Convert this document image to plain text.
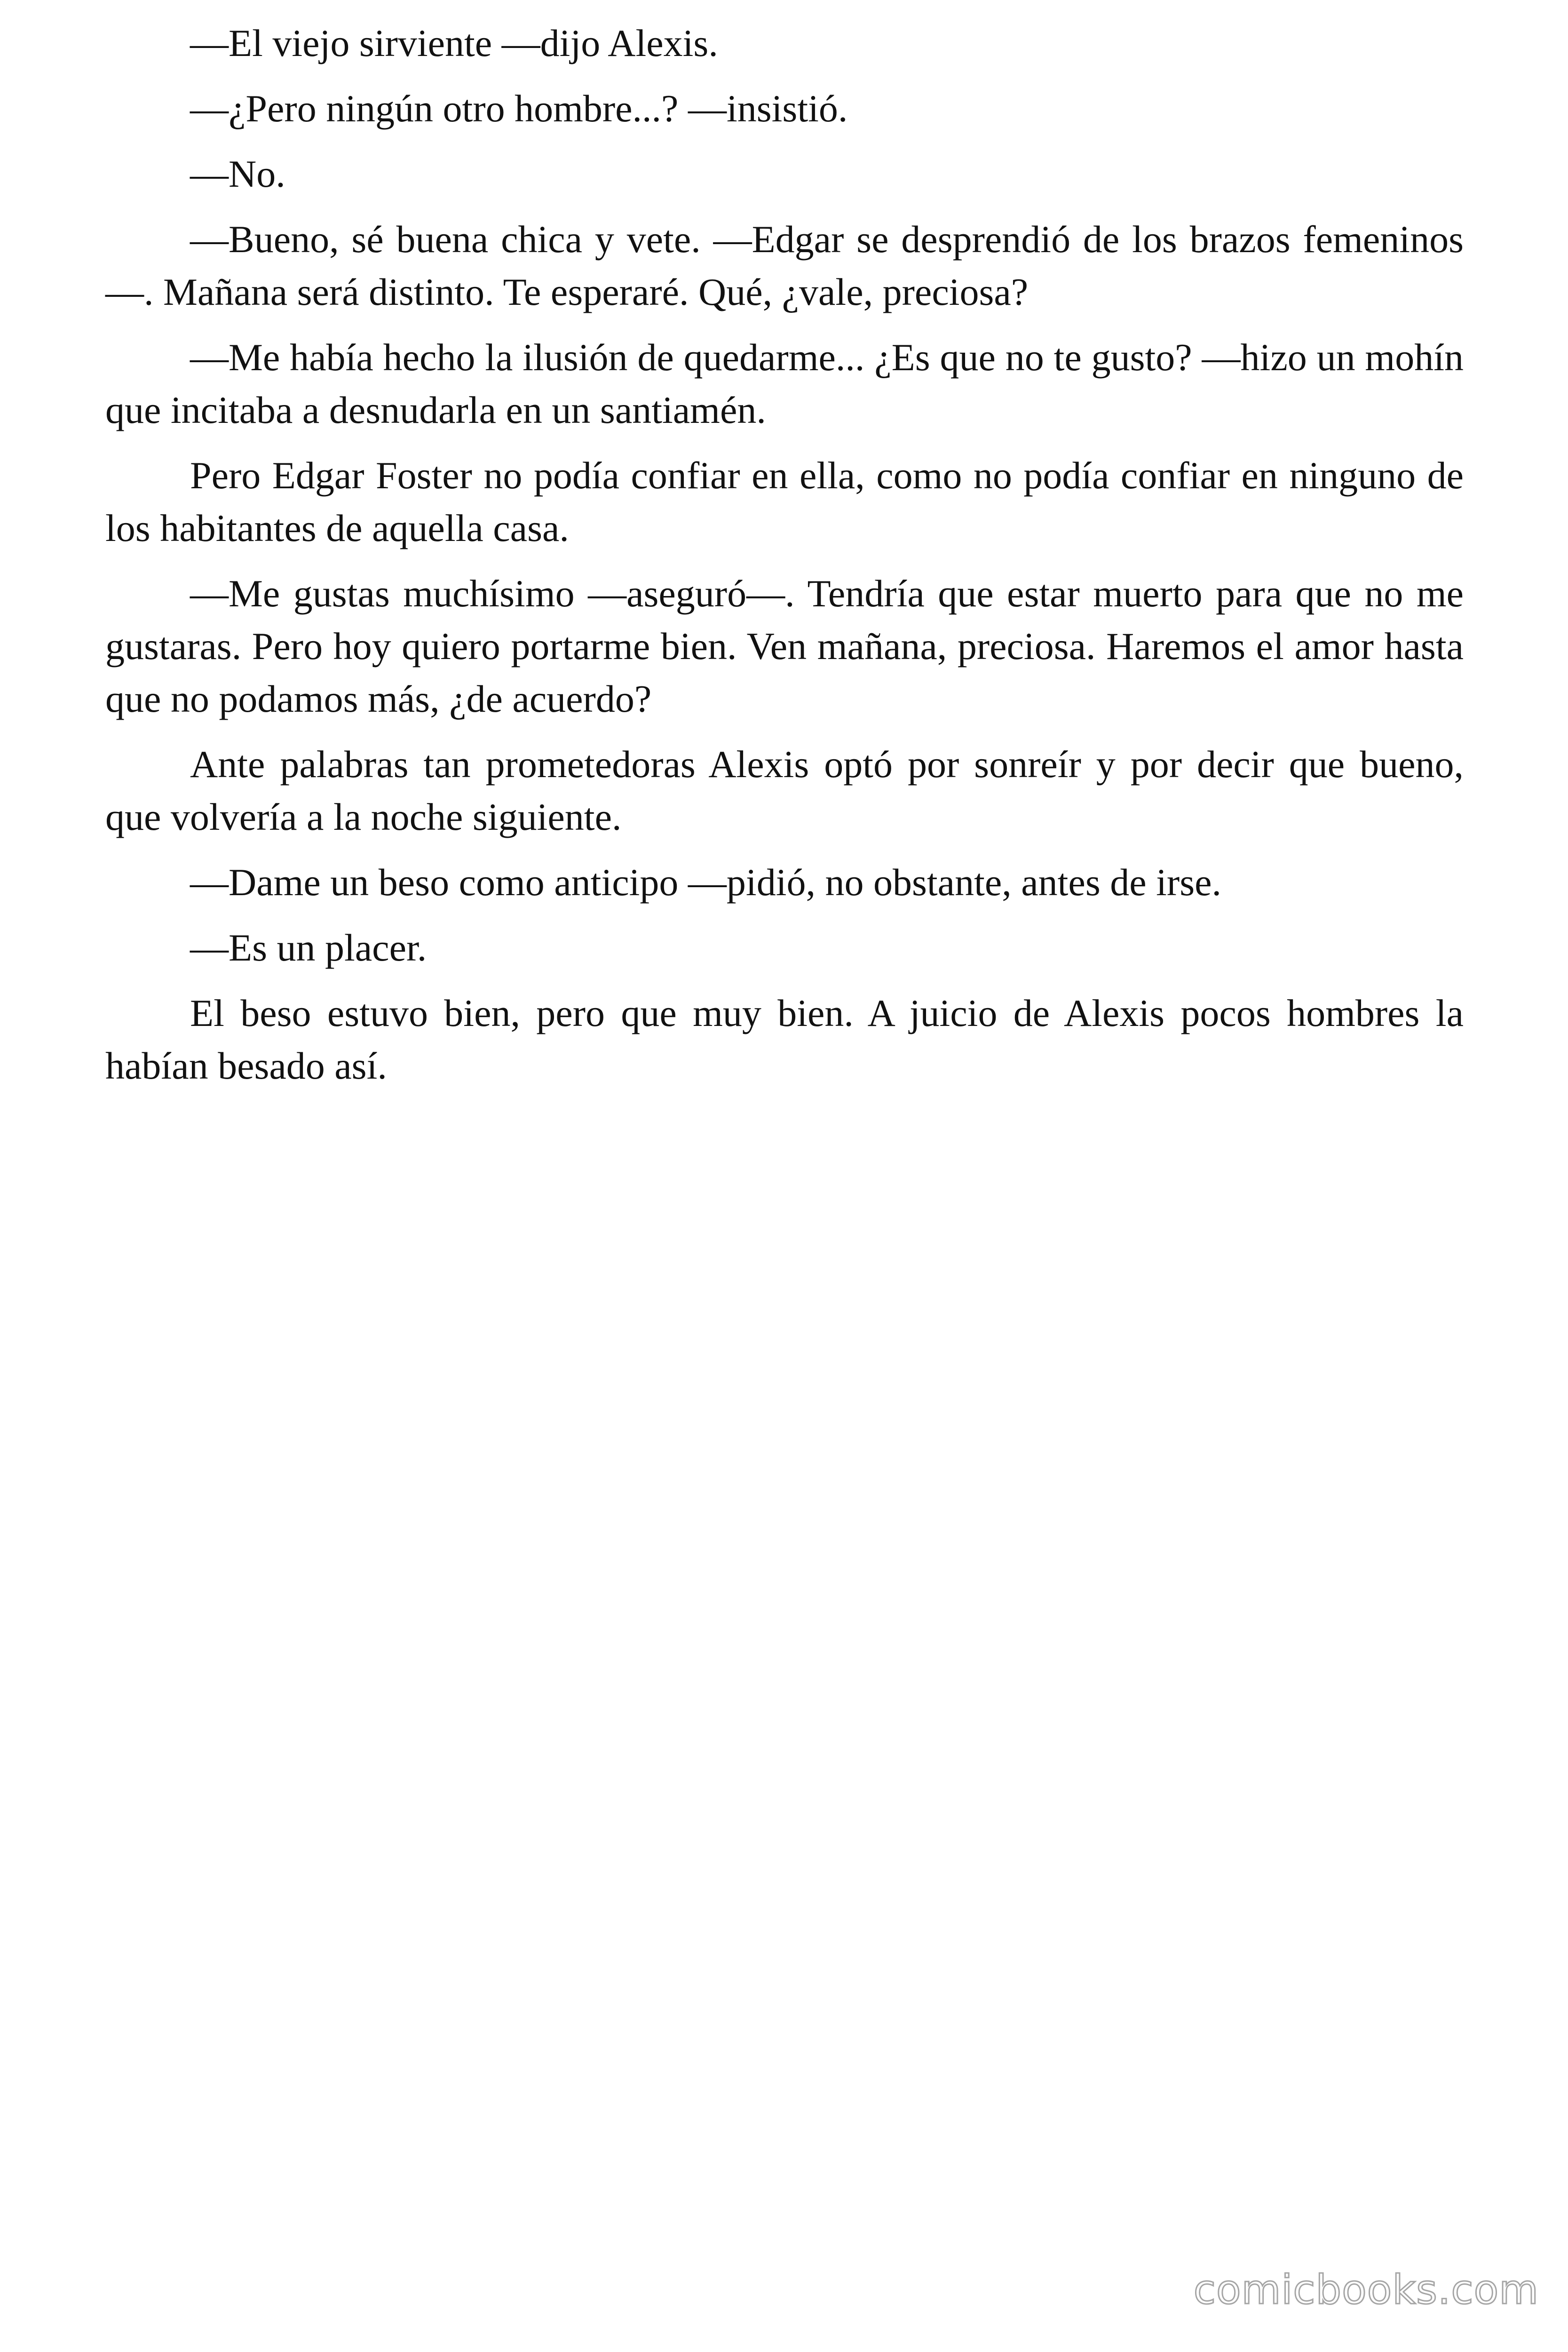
—El viejo sirviente —dijo Alexis.

—¿Pero ningún otro hombre...? —insistió.

—No.

—Bueno, sé buena chica y vete. —Edgar se desprendió de los brazos femeninos—. Mañana será distinto. Te esperaré. Qué, ¿vale, preciosa?

—Me había hecho la ilusión de quedarme... ¿Es que no te gusto? —hizo un mohín que incitaba a desnudarla en un santiamén.

Pero Edgar Foster no podía confiar en ella, como no podía confiar en ninguno de los habitantes de aquella casa.

—Me gustas muchísimo —aseguró—. Tendría que estar muerto para que no me gustaras. Pero hoy quiero portarme bien. Ven mañana, preciosa. Haremos el amor hasta que no podamos más, ¿de acuerdo?

Ante palabras tan prometedoras Alexis optó por sonreír y por decir que bueno, que volvería a la noche siguiente.

—Dame un beso como anticipo —pidió, no obstante, antes de irse.

—Es un placer.

El beso estuvo bien, pero que muy bien. A juicio de Alexis pocos hombres la habían besado así.

comicbooks.com
